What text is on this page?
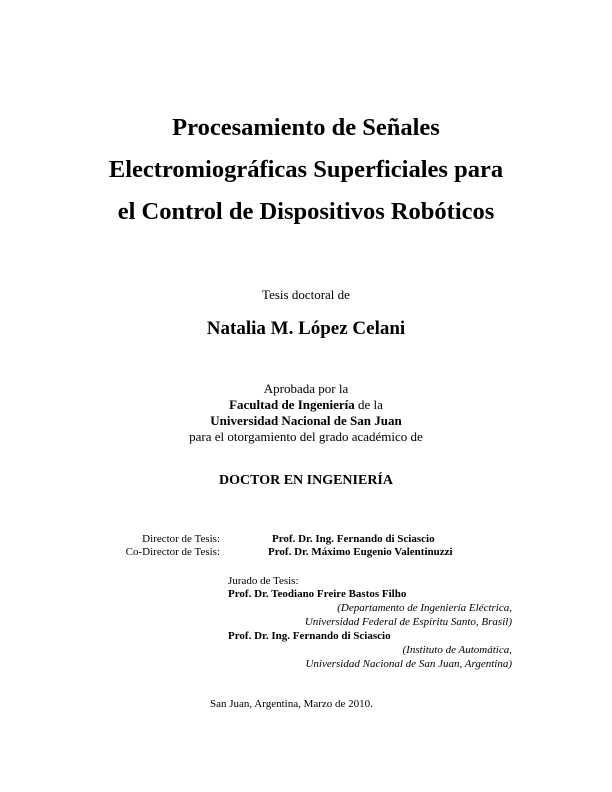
Procesamiento de Señales
Electromiográficas Superficiales para
el Control de Dispositivos Robóticos
Tesis doctoral de
Natalia M. López Celani
Aprobada por la
Facultad de Ingeniería de la
Universidad Nacional de San Juan
para el otorgamiento del grado académico de
DOCTOR EN INGENIERÍA
Director de Tesis:	Prof. Dr. Ing. Fernando di Sciascio
Co-Director de Tesis:	Prof. Dr. Máximo Eugenio Valentinuzzi
Jurado de Tesis:
Prof. Dr. Teodiano Freire Bastos Filho
(Departamento de Ingeniería Eléctrica,
Universidad Federal de Espíritu Santo, Brasil)
Prof. Dr. Ing. Fernando di Sciascio
(Instituto de Automática,
Universidad Nacional de San Juan, Argentina)
San Juan, Argentina, Marzo de 2010.
